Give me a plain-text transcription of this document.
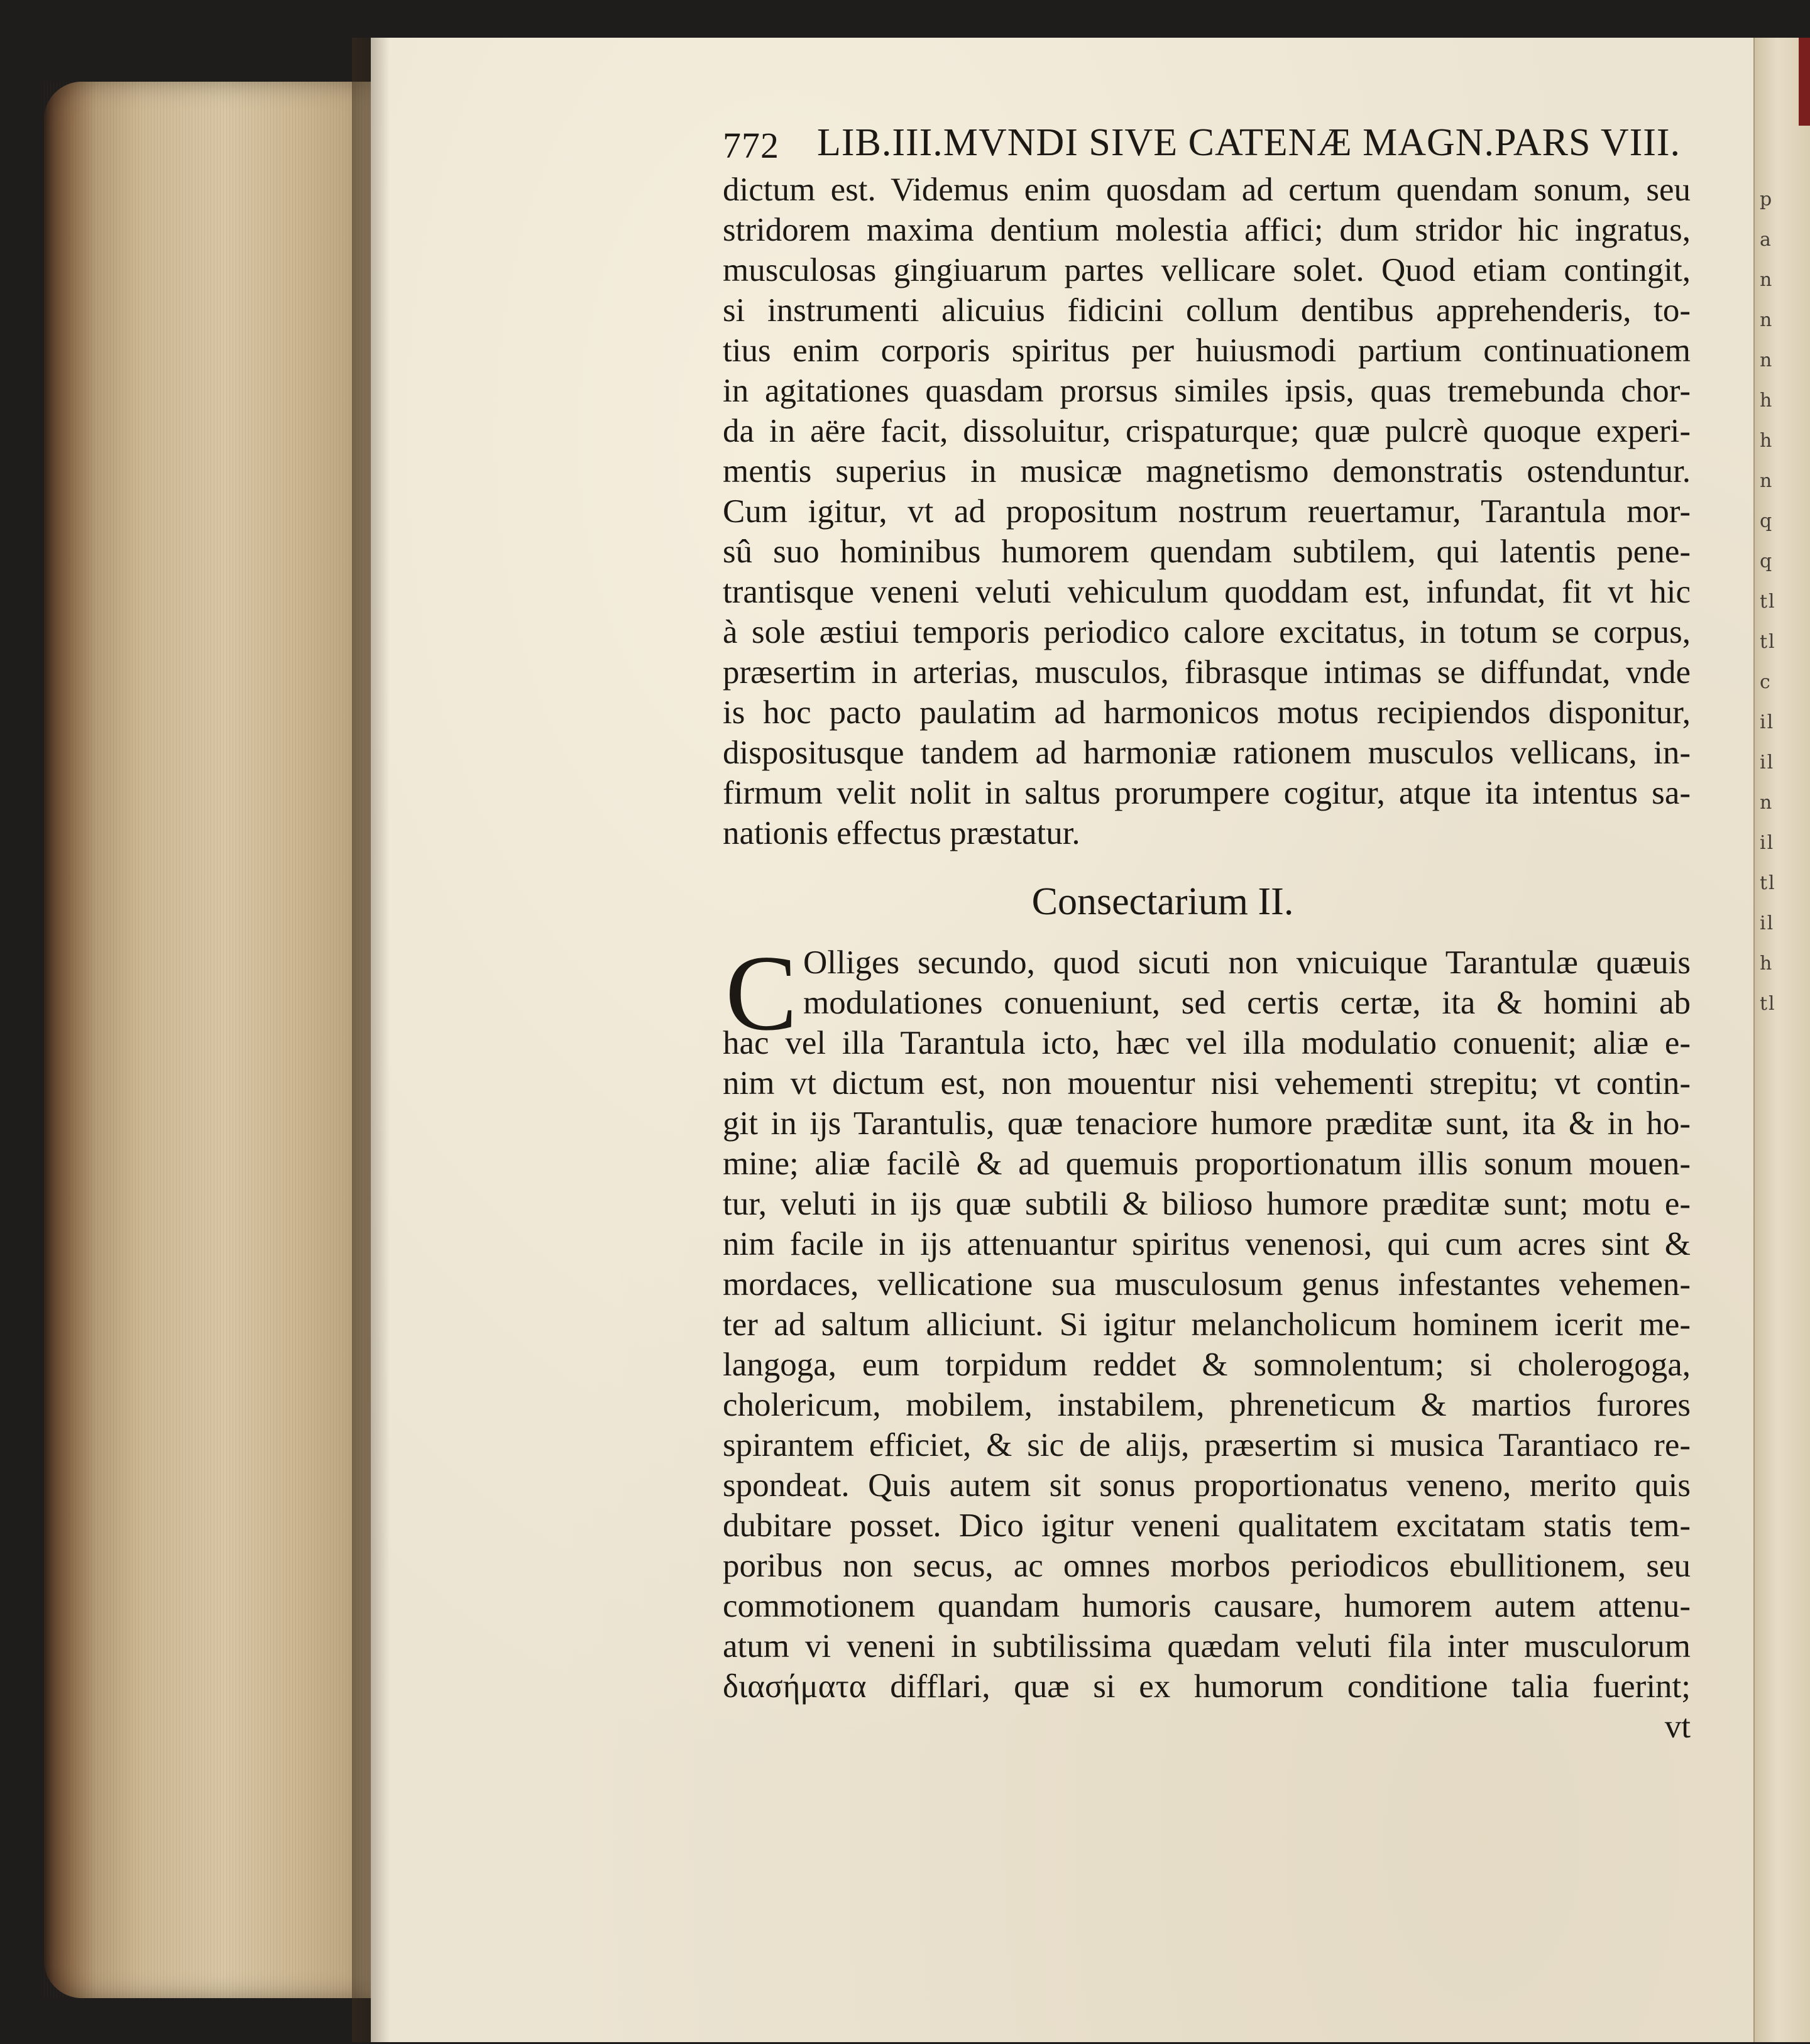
p
a
n
n
n
h
h
n
q
q
tl
tl
c
il
il
n
il
tl
il
h
tl
772 LIB.III.MVNDI SIVE CATENÆ MAGN.PARS VIII.
dictum est. Videmus enim quosdam ad certum quendam sonum, seu
stridorem maxima dentium molestia affici; dum stridor hic ingratus,
musculosas gingiuarum partes vellicare solet. Quod etiam contingit,
si instrumenti alicuius fidicini collum dentibus apprehenderis, to-
tius enim corporis spiritus per huiusmodi partium continuationem
in agitationes quasdam prorsus similes ipsis, quas tremebunda chor-
da in aëre facit, dissoluitur, crispaturque; quæ pulcrè quoque experi-
mentis superius in musicæ magnetismo demonstratis ostenduntur.
Cum igitur, vt ad propositum nostrum reuertamur, Tarantula mor-
sû suo hominibus humorem quendam subtilem, qui latentis pene-
trantisque veneni veluti vehiculum quoddam est, infundat, fit vt hic
à sole æstiui temporis periodico calore excitatus, in totum se corpus,
præsertim in arterias, musculos, fibrasque intimas se diffundat, vnde
is hoc pacto paulatim ad harmonicos motus recipiendos disponitur,
dispositusque tandem ad harmoniæ rationem musculos vellicans, in-
firmum velit nolit in saltus prorumpere cogitur, atque ita intentus sa-
nationis effectus præstatur.
Consectarium II.
C Olliges secundo, quod sicuti non vnicuique Tarantulæ quæuis
modulationes conueniunt, sed certis certæ, ita & homini ab
hac vel illa Tarantula icto, hæc vel illa modulatio conuenit; aliæ e-
nim vt dictum est, non mouentur nisi vehementi strepitu; vt contin-
git in ijs Tarantulis, quæ tenaciore humore præditæ sunt, ita & in ho-
mine; aliæ facilè & ad quemuis proportionatum illis sonum mouen-
tur, veluti in ijs quæ subtili & bilioso humore præditæ sunt; motu e-
nim facile in ijs attenuantur spiritus venenosi, qui cum acres sint &
mordaces, vellicatione sua musculosum genus infestantes vehemen-
ter ad saltum alliciunt. Si igitur melancholicum hominem icerit me-
langoga, eum torpidum reddet & somnolentum; si cholerogoga,
cholericum, mobilem, instabilem, phreneticum & martios furores
spirantem efficiet, & sic de alijs, præsertim si musica Tarantiaco re-
spondeat. Quis autem sit sonus proportionatus veneno, merito quis
dubitare posset. Dico igitur veneni qualitatem excitatam statis tem-
poribus non secus, ac omnes morbos periodicos ebullitionem, seu
commotionem quandam humoris causare, humorem autem attenu-
atum vi veneni in subtilissima quædam veluti fila inter musculorum
διασήματα difflari, quæ si ex humorum conditione talia fuerint;
vt
